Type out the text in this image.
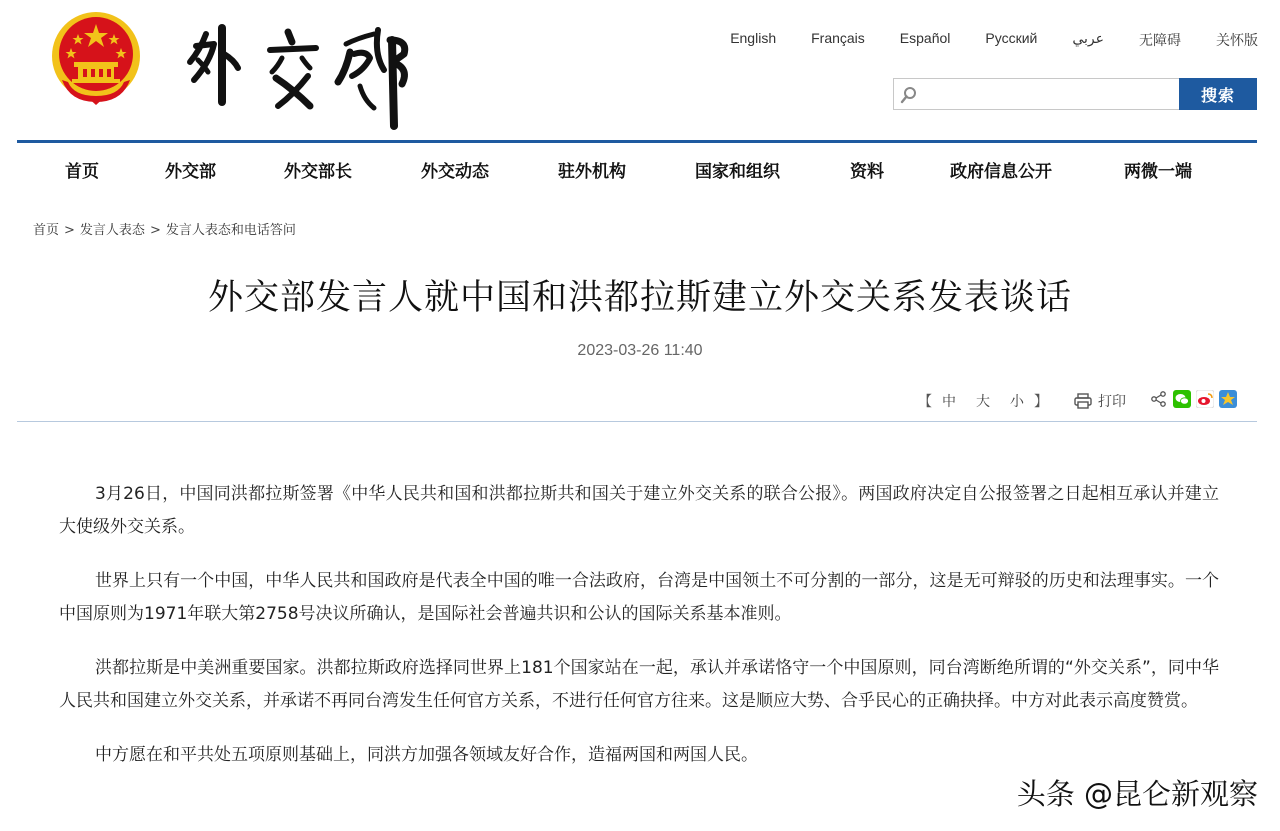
English	Français	Español	Русский	عربي	无障碍	关怀版
搜索
首页	外交部	外交部长	外交动态	驻外机构	国家和组织	资料	政府信息公开	两微一端
首页 > 发言人表态 > 发言人表态和电话答问
外交部发言人就中国和洪都拉斯建立外交关系发表谈话
2023-03-26 11:40
【 中 大 小 】	打印

3月26日，中国同洪都拉斯签署《中华人民共和国和洪都拉斯共和国关于建立外交关系的联合公报》。两国政府决定自公报签署之日起相互承认并建立大使级外交关系。

世界上只有一个中国，中华人民共和国政府是代表全中国的唯一合法政府，台湾是中国领土不可分割的一部分，这是无可辩驳的历史和法理事实。一个中国原则为1971年联大第2758号决议所确认，是国际社会普遍共识和公认的国际关系基本准则。

洪都拉斯是中美洲重要国家。洪都拉斯政府选择同世界上181个国家站在一起，承认并承诺恪守一个中国原则，同台湾断绝所谓的“外交关系”，同中华人民共和国建立外交关系，并承诺不再同台湾发生任何官方关系，不进行任何官方往来。这是顺应大势、合乎民心的正确抉择。中方对此表示高度赞赏。

中方愿在和平共处五项原则基础上，同洪方加强各领域友好合作，造福两国和两国人民。

头条 @昆仑新观察
